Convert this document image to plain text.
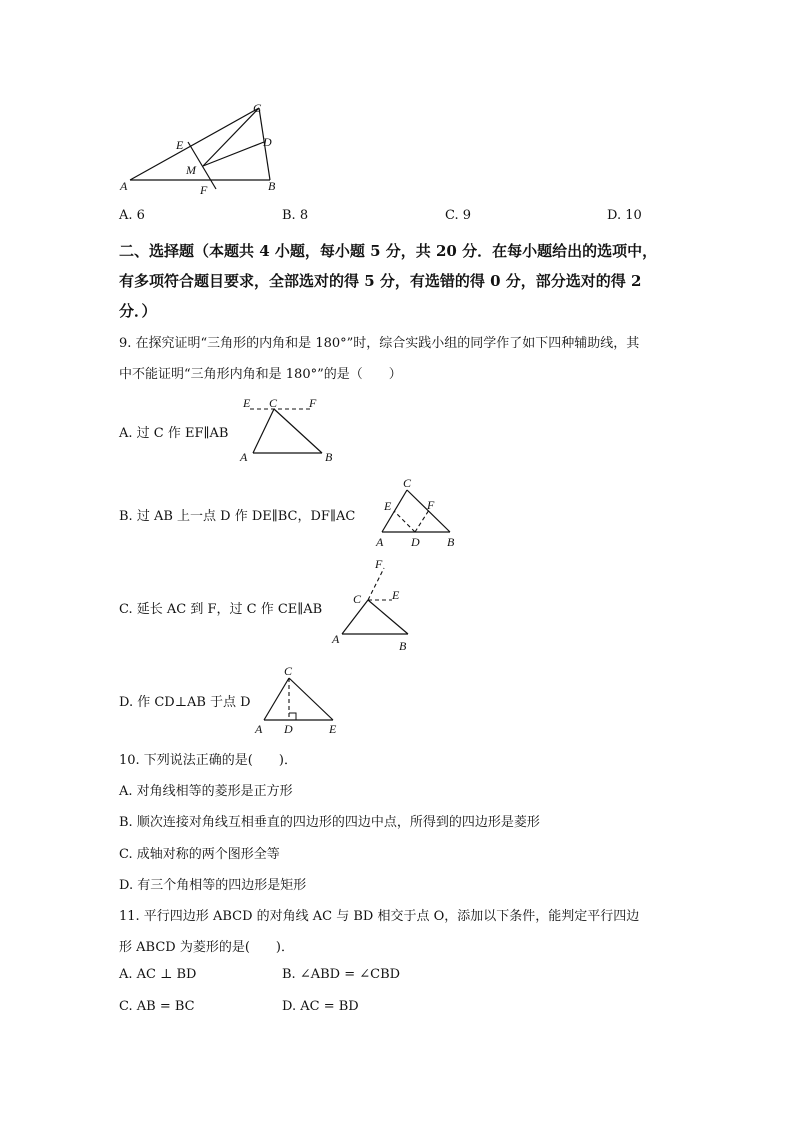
C
E	D
M
A	F	B
A. 6	B. 8	C. 9	D. 10
二、选择题（本题共 4 小题，每小题 5 分，共 20 分．在每小题给出的选项中，
有多项符合题目要求，全部选对的得 5 分，有选错的得 0 分，部分选对的得 2
分．）
9. 在探究证明“三角形的内角和是 180°”时，综合实践小组的同学作了如下四种辅助线，其
中不能证明“三角形内角和是 180°”的是（　　）
A. 过 C 作 EF∥AB
E C	F
A	B
B. 过 AB 上一点 D 作 DE∥BC，DF∥AC
C
E	F
A D B
C. 延长 AC 到 F，过 C 作 CE∥AB
F
C	E
A	B
D. 作 CD⊥AB 于点 D
C
A D	E
10. 下列说法正确的是(　　)．
A. 对角线相等的菱形是正方形
B. 顺次连接对角线互相垂直的四边形的四边中点，所得到的四边形是菱形
C. 成轴对称的两个图形全等
D. 有三个角相等的四边形是矩形
11. 平行四边形 ABCD 的对角线 AC 与 BD 相交于点 O，添加以下条件，能判定平行四边
形 ABCD 为菱形的是(　　)．
A. AC ⊥ BD	B. ∠ABD = ∠CBD
C. AB = BC	D. AC = BD
